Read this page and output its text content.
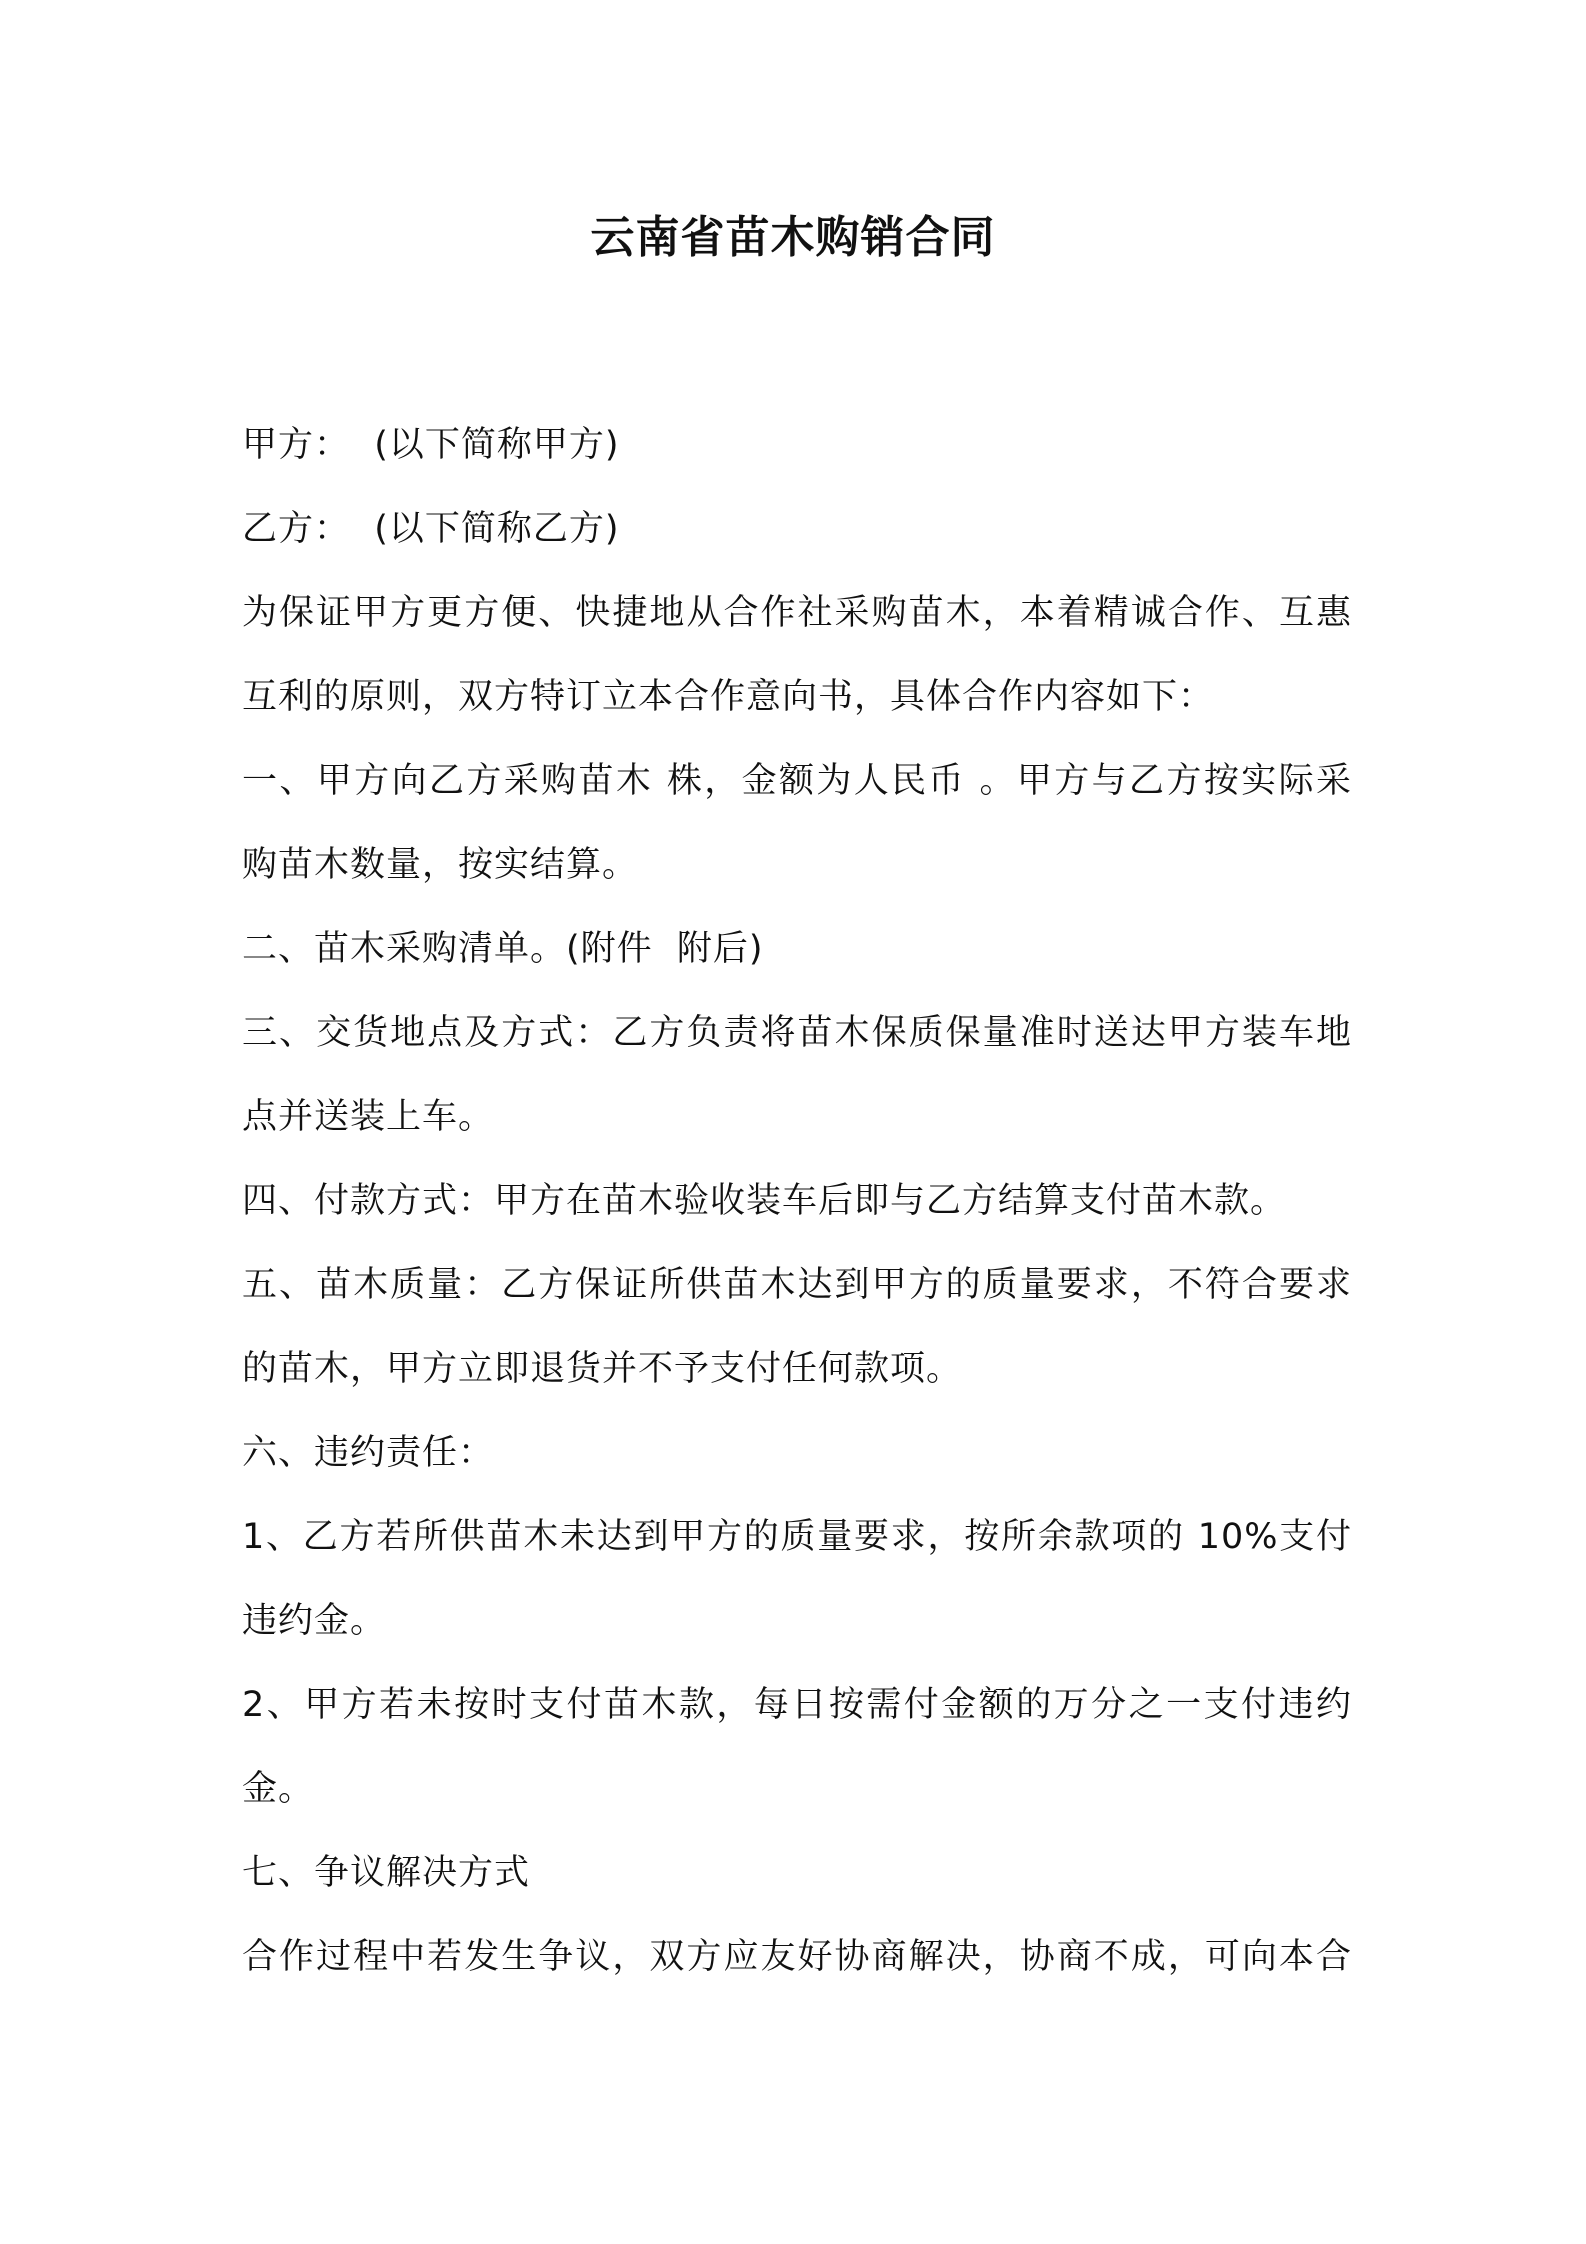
云南省苗木购销合同
甲方：  (以下简称甲方)
乙方：  (以下简称乙方)
为保证甲方更方便、快捷地从合作社采购苗木，本着精诚合作、互惠
互利的原则，双方特订立本合作意向书，具体合作内容如下：
一、甲方向乙方采购苗木 株，金额为人民币 。甲方与乙方按实际采
购苗木数量，按实结算。
二、苗木采购清单。(附件  附后)
三、交货地点及方式：乙方负责将苗木保质保量准时送达甲方装车地
点并送装上车。
四、付款方式：甲方在苗木验收装车后即与乙方结算支付苗木款。
五、苗木质量：乙方保证所供苗木达到甲方的质量要求，不符合要求
的苗木，甲方立即退货并不予支付任何款项。
六、违约责任：
1、乙方若所供苗木未达到甲方的质量要求，按所余款项的 10%支付
违约金。
2、甲方若未按时支付苗木款，每日按需付金额的万分之一支付违约
金。
七、争议解决方式
合作过程中若发生争议，双方应友好协商解决，协商不成，可向本合
